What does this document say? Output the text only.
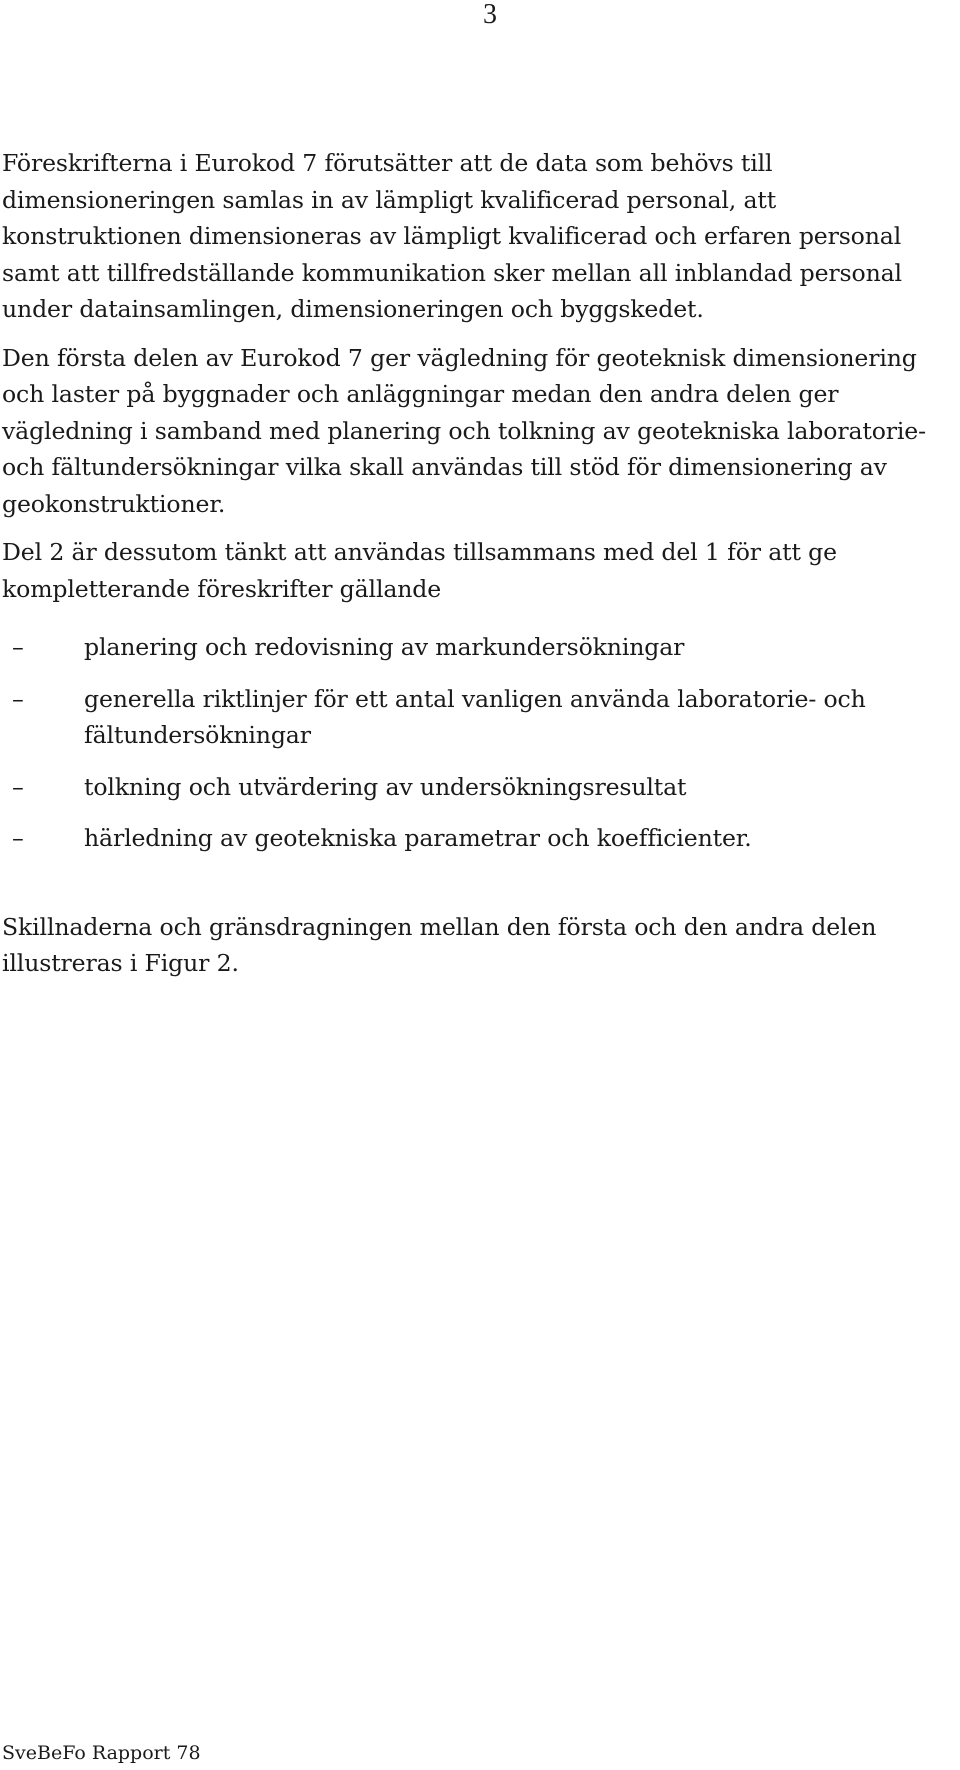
3

Föreskrifterna i Eurokod 7 förutsätter att de data som behövs till dimensioneringen samlas in av lämpligt kvalificerad personal, att konstruktionen dimensioneras av lämpligt kvalificerad och erfaren personal samt att tillfredställande kommunikation sker mellan all inblandad personal under datainsamlingen, dimensioneringen och byggskedet.

Den första delen av Eurokod 7 ger vägledning för geoteknisk dimensionering och laster på byggnader och anläggningar medan den andra delen ger vägledning i samband med planering och tolkning av geotekniska laboratorie- och fältundersökningar vilka skall användas till stöd för dimensionering av geokonstruktioner.

Del 2 är dessutom tänkt att användas tillsammans med del 1 för att ge kompletterande föreskrifter gällande

–	planering och redovisning av markundersökningar
–	generella riktlinjer för ett antal vanligen använda laboratorie- och fältundersökningar
–	tolkning och utvärdering av undersökningsresultat
–	härledning av geotekniska parametrar och koefficienter.

Skillnaderna och gränsdragningen mellan den första och den andra delen illustreras i Figur 2.

SveBeFo Rapport 78
